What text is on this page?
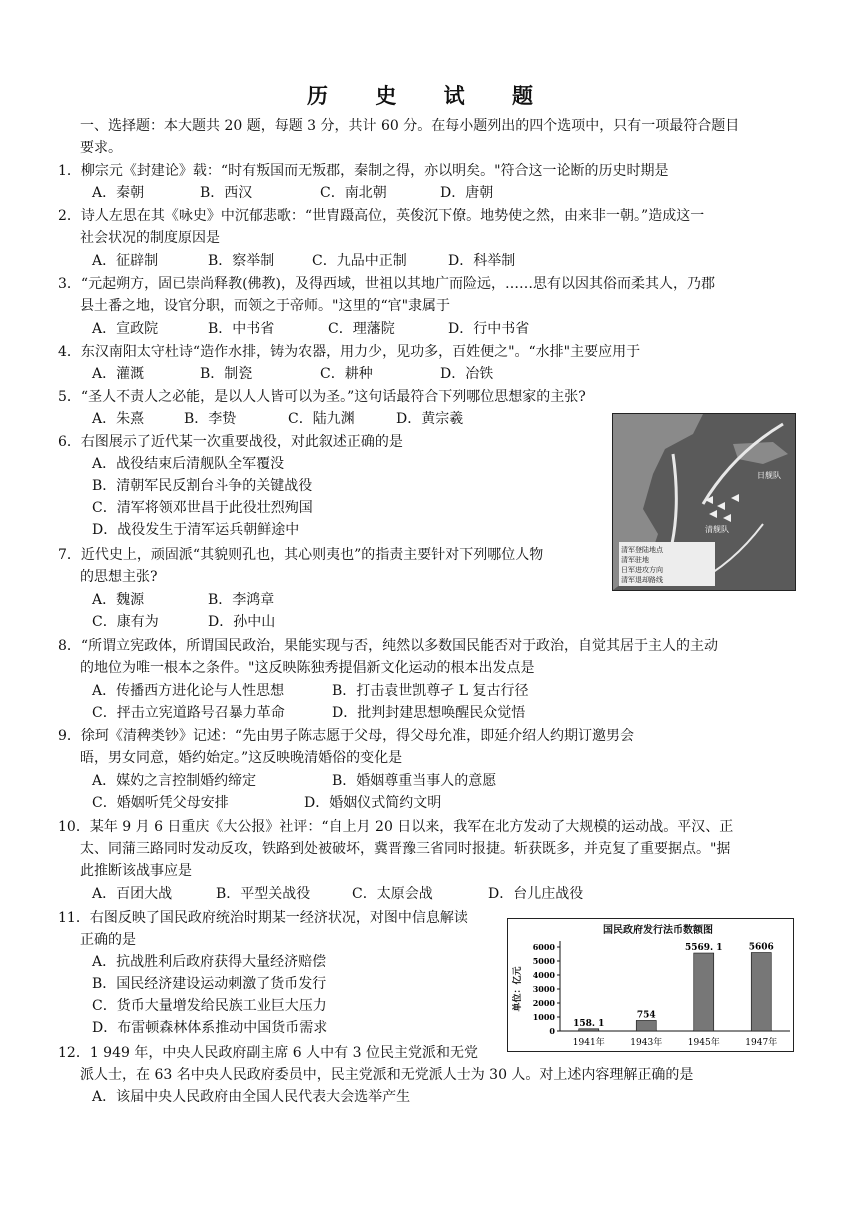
历 史 试 题
一、选择题：本大题共 20 题，每题 3 分，共计 60 分。在每小题列出的四个选项中，只有一项最符合题目
要求。
1．柳宗元《封建论》载：“时有叛国而无叛郡，秦制之得，亦以明矣。"符合这一论断的历史时期是
A．秦朝	B．西汉	C．南北朝	D．唐朝
2．诗人左思在其《咏史》中沉郁悲歌：“世胄蹑高位，英俊沉下僚。地势使之然，由来非一朝。”造成这一
社会状况的制度原因是
A．征辟制	B．察举制	C．九品中正制	D．科举制
3．“元起朔方，固已崇尚释教(佛教)，及得西域，世祖以其地广而险远，……思有以因其俗而柔其人，乃郡
县土番之地，设官分职，而领之于帝师。"这里的“官"隶属于
A．宣政院	B．中书省	C．理藩院	D．行中书省
4．东汉南阳太守杜诗“造作水排，铸为农器，用力少，见功多，百姓便之"。“水排"主要应用于
A．灌溉	B．制瓷	C．耕种	D．冶铁
5．“圣人不责人之必能，是以人人皆可以为圣。”这句话最符合下列哪位思想家的主张?
A．朱熹	B．李贽	C．陆九渊	D．黄宗羲
6．右图展示了近代某一次重要战役，对此叙述正确的是
A．战役结束后清舰队全军覆没
B．清朝军民反割台斗争的关键战役
C．清军将领邓世昌于此役壮烈殉国
D．战役发生于清军运兵朝鲜途中
清军登陆地点
清军驻地
日军进攻方向
清军退却路线
日舰队
清舰队
7．近代史上，顽固派“其貌则孔也，其心则夷也”的指责主要针对下列哪位人物
的思想主张?
A．魏源	B．李鸿章
C．康有为	D．孙中山
8．“所谓立宪政体，所谓国民政治，果能实现与否，纯然以多数国民能否对于政治，自觉其居于主人的主动
的地位为唯一根本之条件。"这反映陈独秀提倡新文化运动的根本出发点是
A．传播西方进化论与人性思想	B．打击袁世凯尊孑 L 复古行径
C．抨击立宪道路号召暴力革命	D．批判封建思想唤醒民众觉悟
9．徐珂《清稗类钞》记述：“先由男子陈志愿于父母，得父母允准，即延介绍人约期订邀男会
晤，男女同意，婚约始定。”这反映晚清婚俗的变化是
A．媒妁之言控制婚约缔定	B．婚姻尊重当事人的意愿
C．婚姻听凭父母安排	D．婚姻仪式简约文明
10．某年 9 月 6 日重庆《大公报》社评：“自上月 20 日以来，我军在北方发动了大规模的运动战。平汉、正
太、同蒲三路同时发动反攻，铁路到处被破坏，冀晋豫三省同时报捷。斩获既多，并克复了重要据点。"据
此推断该战事应是
A．百团大战	B．平型关战役	C．太原会战	D．台儿庄战役
11．右图反映了国民政府统治时期某一经济状况，对图中信息解读
正确的是
A．抗战胜利后政府获得大量经济赔偿
B．国民经济建设运动刺激了货币发行
C．货币大量增发给民族工业巨大压力
D．布雷顿森林体系推动中国货币需求
国民政府发行法币数额图
单位：亿元
0
1000
2000
3000
4000
5000
6000
158. 1
1941年
754
1943年
5569. 1
1945年
5606
1947年
12．1 949 年，中央人民政府副主席 6 人中有 3 位民主党派和无党
派人士，在 63 名中央人民政府委员中，民主党派和无党派人士为 30 人。对上述内容理解正确的是
A．该届中央人民政府由全国人民代表大会选举产生
